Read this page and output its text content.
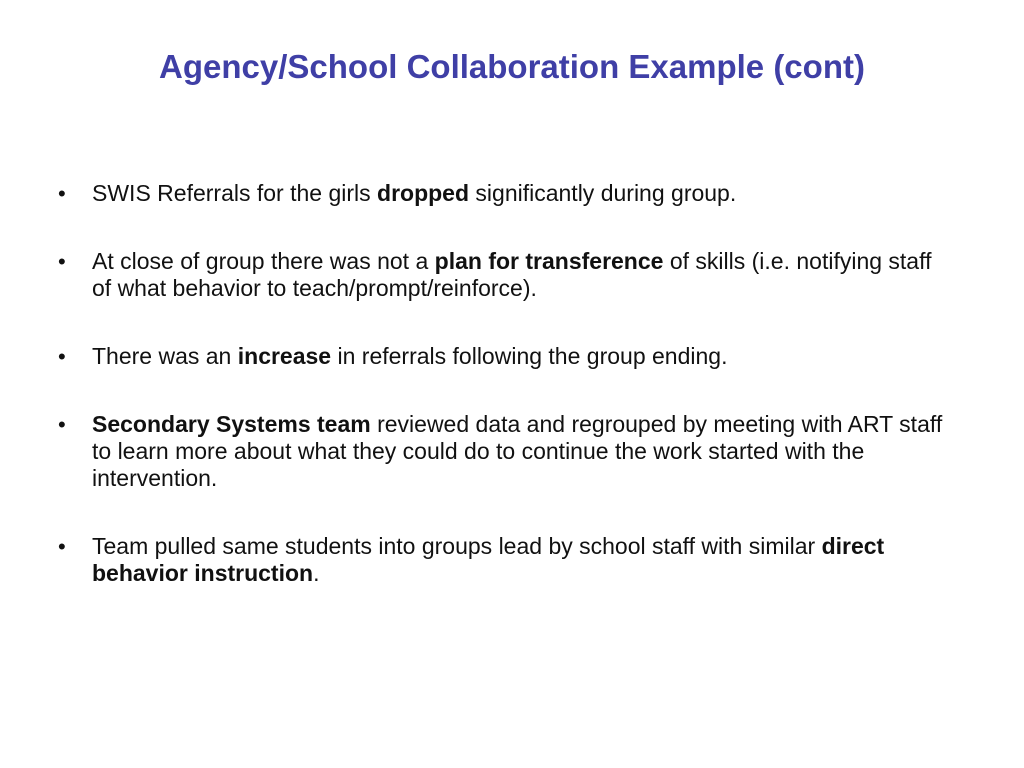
Agency/School Collaboration Example (cont)
• SWIS Referrals for the girls dropped significantly during group.
• At close of group there was not a plan for transference of skills (i.e. notifying staff of what behavior to teach/prompt/reinforce).
• There was an increase in referrals following the group ending.
• Secondary Systems team reviewed data and regrouped by meeting with ART staff to learn more about what they could do to continue the work started with the intervention.
• Team pulled same students into groups lead by school staff with similar direct behavior instruction.
